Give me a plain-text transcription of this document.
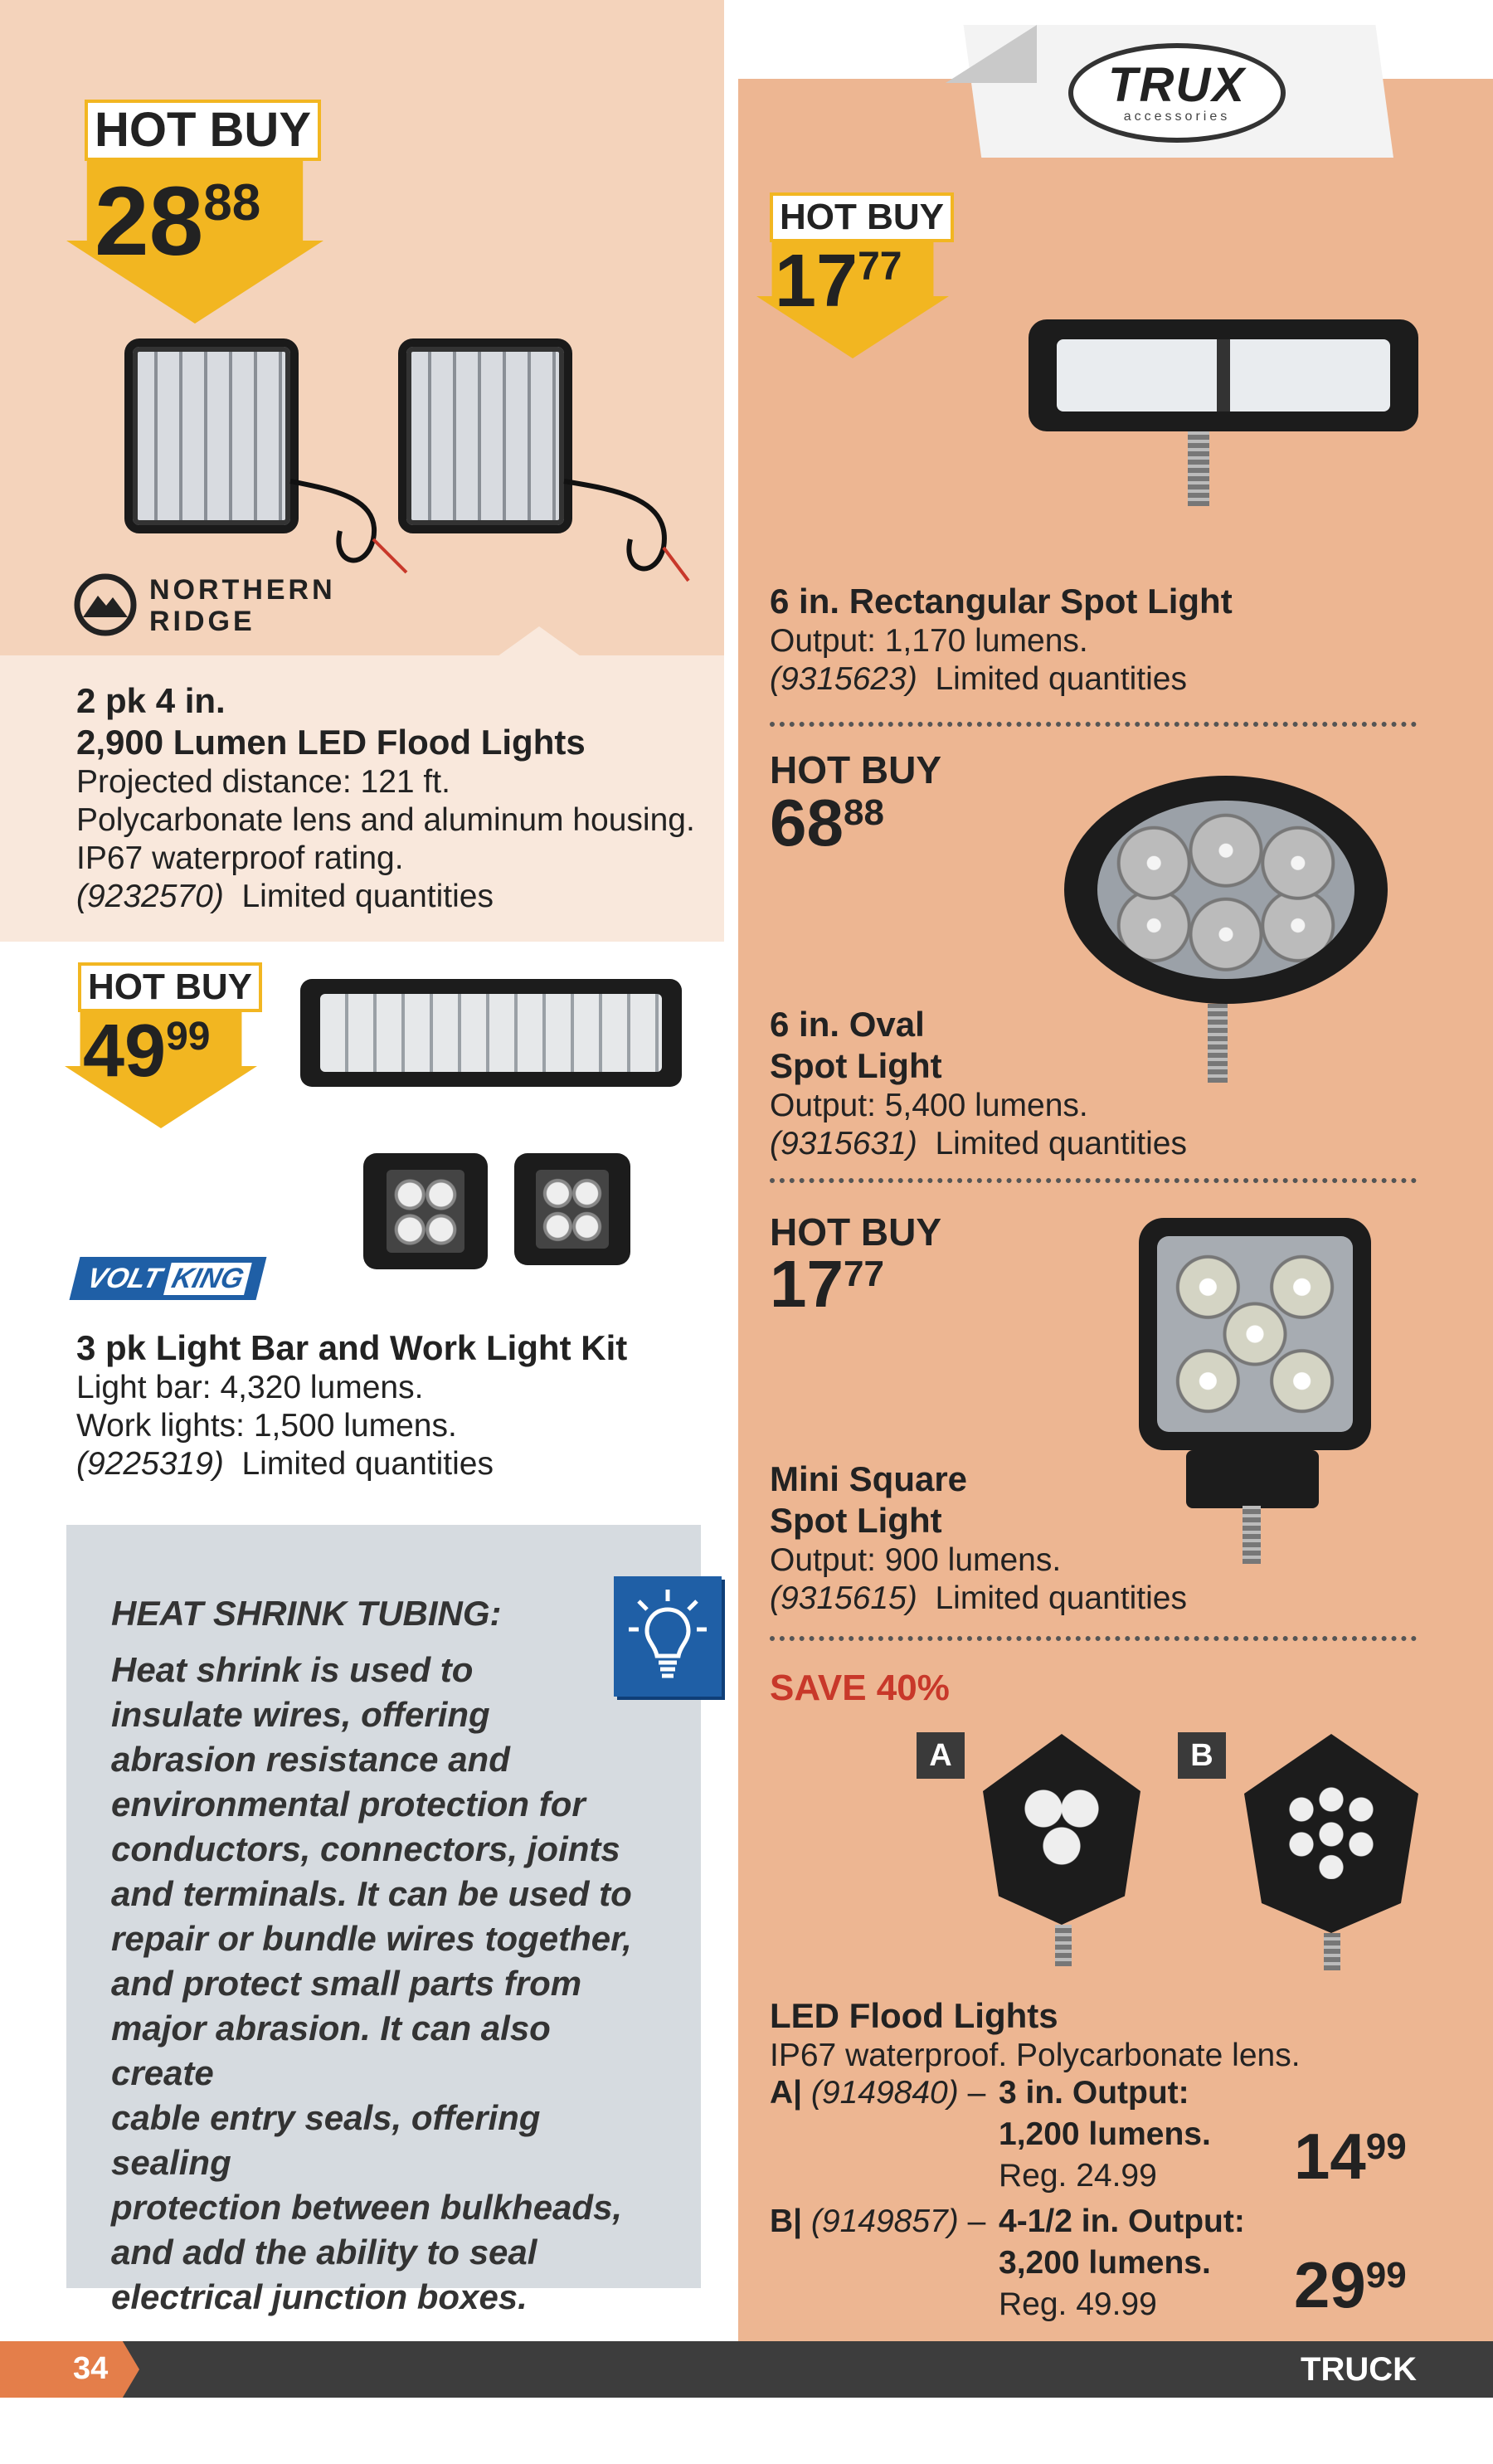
HOT BUY
2888
NORTHERN
RIDGE
2 pk 4 in.
2,900 Lumen LED Flood Lights
Projected distance: 121 ft.
Polycarbonate lens and aluminum housing.
IP67 waterproof rating.
(9232570) Limited quantities
HOT BUY
4999
VOLT KING
3 pk Light Bar and Work Light Kit
Light bar: 4,320 lumens.
Work lights: 1,500 lumens.
(9225319) Limited quantities

HEAT SHRINK TUBING:

Heat shrink is used to

insulate wires, offering

abrasion resistance and

environmental protection for

conductors, connectors, joints

and terminals. It can be used to

repair or bundle wires together,

and protect small parts from

major abrasion. It can also create

cable entry seals, offering sealing

protection between bulkheads,

and add the ability to seal

electrical junction boxes.

TRUX
accessories
HOT BUY
1777
6 in. Rectangular Spot Light
Output: 1,170 lumens.
(9315623) Limited quantities
HOT BUY
6888
6 in. Oval
Spot Light
Output: 5,400 lumens.
(9315631) Limited quantities
HOT BUY
1777
Mini Square
Spot Light
Output: 900 lumens.
(9315615) Limited quantities
SAVE 40%
A	B
LED Flood Lights
IP67 waterproof. Polycarbonate lens.
A| (9149840) – 3 in. Output:
1,200 lumens.
Reg. 24.99 1499
B| (9149857) – 4-1/2 in. Output:
3,200 lumens.
Reg. 49.99 2999
34	TRUCK
